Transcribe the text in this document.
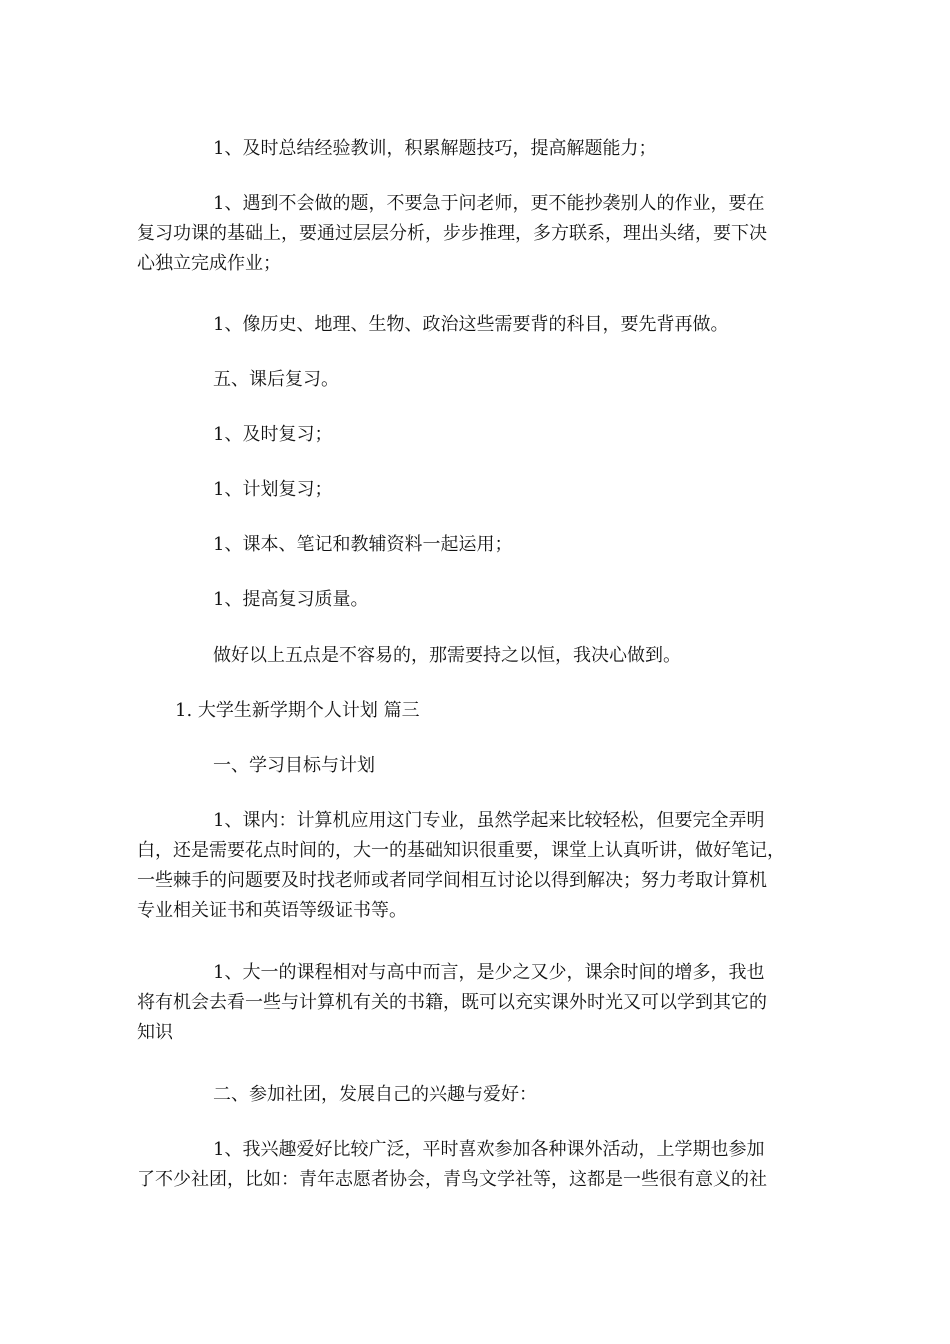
1、及时总结经验教训，积累解题技巧，提高解题能力；
1、遇到不会做的题，不要急于问老师，更不能抄袭别人的作业，要在
复习功课的基础上，要通过层层分析，步步推理，多方联系，理出头绪，要下决
心独立完成作业；
1、像历史、地理、生物、政治这些需要背的科目，要先背再做。
五、课后复习。
1、及时复习；
1、计划复习；
1、课本、笔记和教辅资料一起运用；
1、提高复习质量。
做好以上五点是不容易的，那需要持之以恒，我决心做到。
1. 大学生新学期个人计划 篇三
一、学习目标与计划
1、课内：计算机应用这门专业，虽然学起来比较轻松，但要完全弄明
白，还是需要花点时间的，大一的基础知识很重要，课堂上认真听讲，做好笔记，
一些棘手的问题要及时找老师或者同学间相互讨论以得到解决；努力考取计算机
专业相关证书和英语等级证书等。
1、大一的课程相对与高中而言，是少之又少，课余时间的增多，我也
将有机会去看一些与计算机有关的书籍，既可以充实课外时光又可以学到其它的
知识
二、参加社团，发展自己的兴趣与爱好：
1、我兴趣爱好比较广泛，平时喜欢参加各种课外活动，上学期也参加
了不少社团，比如：青年志愿者协会，青鸟文学社等，这都是一些很有意义的社
